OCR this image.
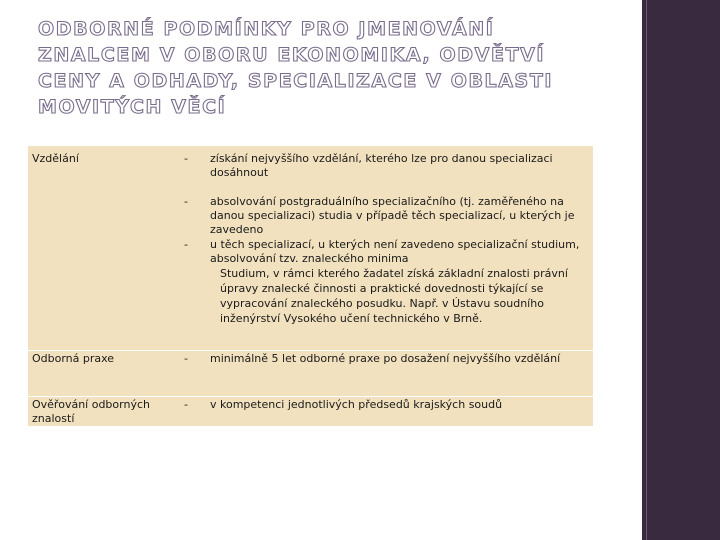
ODBORNÉ PODMÍNKY PRO JMENOVÁNÍ ZNALCEM V OBORU EKONOMIKA, ODVĚTVÍ CENY A ODHADY, SPECIALIZACE V OBLASTI MOVITÝCH VĚCÍ
Vzdělání	- získání nejvyššího vzdělání, kterého lze pro danou specializaci dosáhnout
- absolvování postgraduálního specializačního (tj. zaměřeného na danou specializaci) studia v případě těch specializací, u kterých je zavedeno
- u těch specializací, u kterých není zavedeno specializační studium, absolvování tzv. znaleckého minima
Studium, v rámci kterého žadatel získá základní znalosti právní úpravy znalecké činnosti a praktické dovednosti týkající se vypracování znaleckého posudku. Např. v Ústavu soudního inženýrství Vysokého učení technického v Brně.
Odborná praxe	- minimálně 5 let odborné praxe po dosažení nejvyššího vzdělání
Ověřování odborných znalostí
- v kompetenci jednotlivých předsedů krajských soudů
